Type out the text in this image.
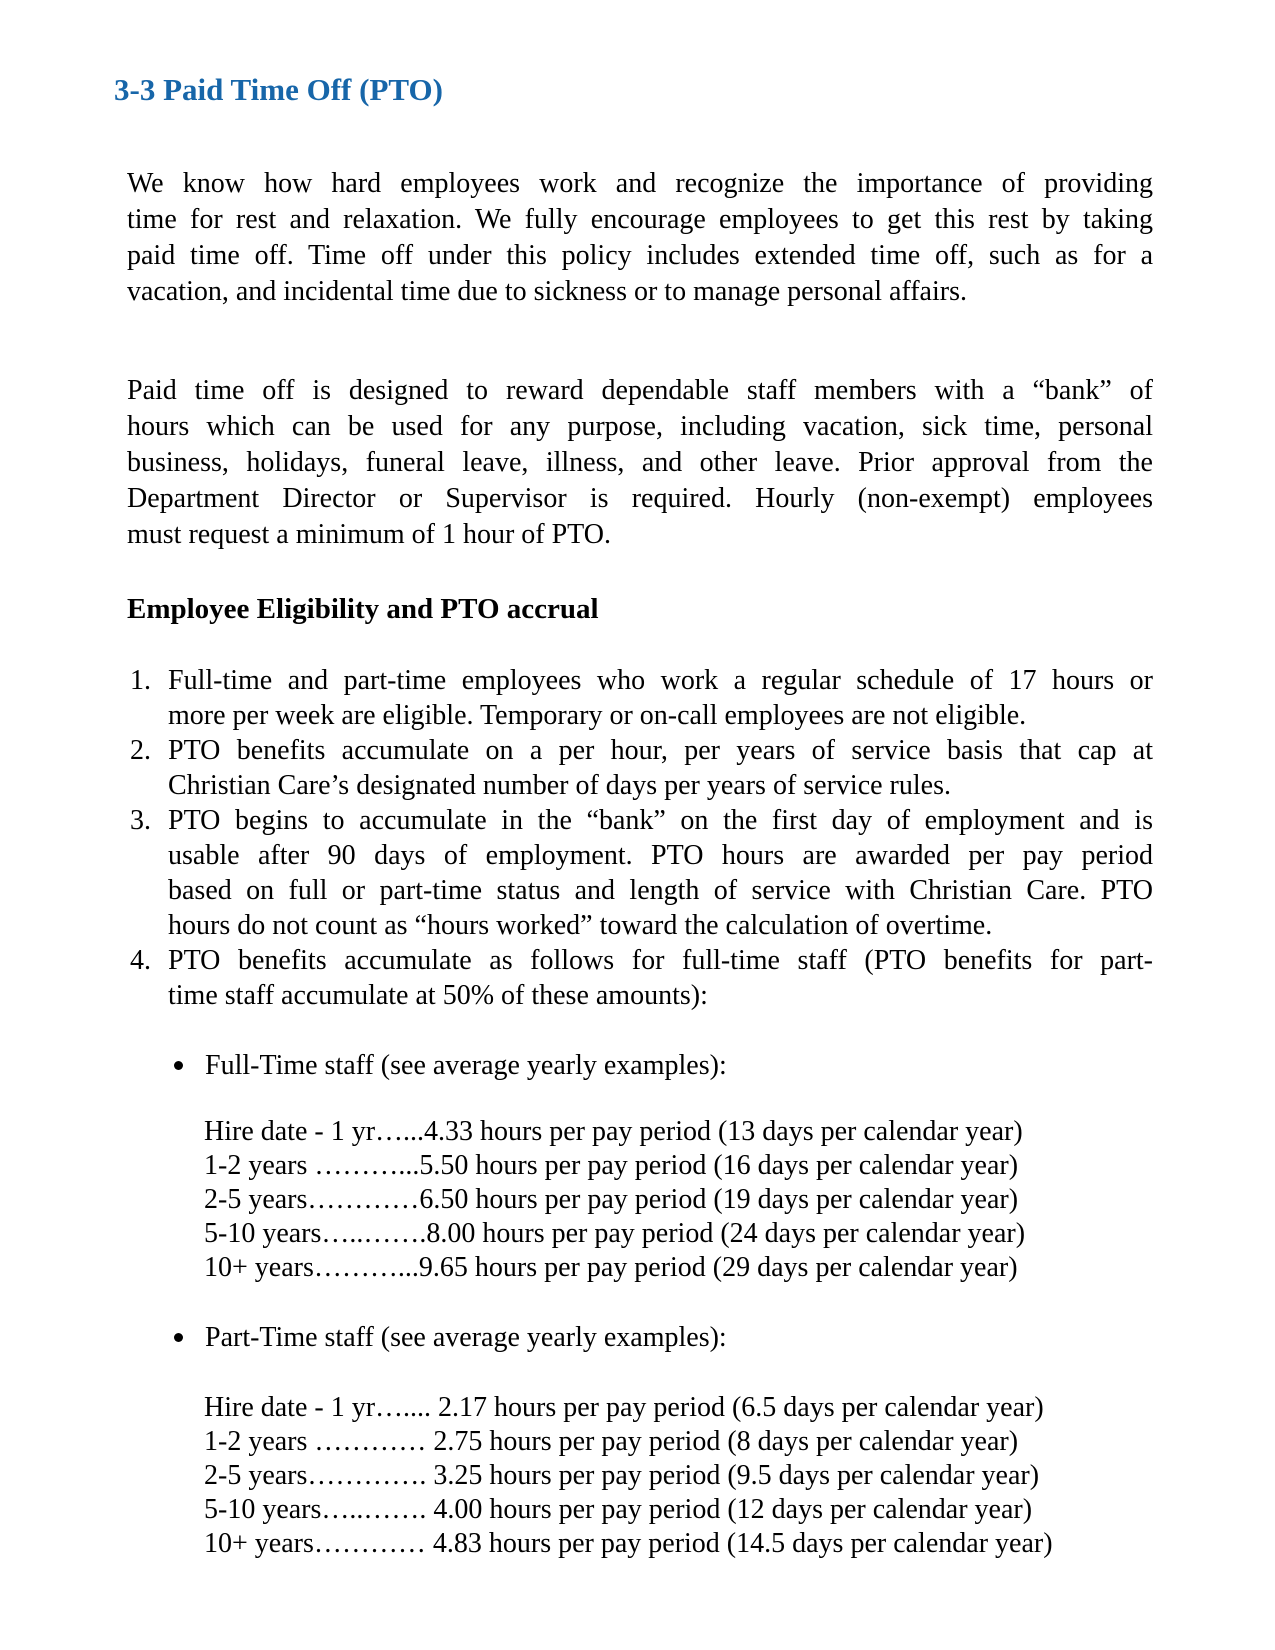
3-3 Paid Time Off (PTO)
We know how hard employees work and recognize the importance of providing
time for rest and relaxation. We fully encourage employees to get this rest by taking
paid time off. Time off under this policy includes extended time off, such as for a
vacation, and incidental time due to sickness or to manage personal affairs.
Paid time off is designed to reward dependable staff members with a “bank” of
hours which can be used for any purpose, including vacation, sick time, personal
business, holidays, funeral leave, illness, and other leave. Prior approval from the
Department Director or Supervisor is required. Hourly (non-exempt) employees
must request a minimum of 1 hour of PTO.
Employee Eligibility and PTO accrual
1. Full-time and part-time employees who work a regular schedule of 17 hours or
more per week are eligible. Temporary or on-call employees are not eligible.
2. PTO benefits accumulate on a per hour, per years of service basis that cap at
Christian Care’s designated number of days per years of service rules.
3. PTO begins to accumulate in the “bank” on the first day of employment and is
usable after 90 days of employment. PTO hours are awarded per pay period
based on full or part-time status and length of service with Christian Care. PTO
hours do not count as “hours worked” toward the calculation of overtime.
4. PTO benefits accumulate as follows for full-time staff (PTO benefits for part-
time staff accumulate at 50% of these amounts):
Full-Time staff (see average yearly examples):
Hire date - 1 yr…...4.33 hours per pay period (13 days per calendar year)
1-2 years ………...5.50 hours per pay period (16 days per calendar year)
2-5 years…………6.50 hours per pay period (19 days per calendar year)
5-10 years…..…….8.00 hours per pay period (24 days per calendar year)
10+ years………...9.65 hours per pay period (29 days per calendar year)
Part-Time staff (see average yearly examples):
Hire date - 1 yr….... 2.17 hours per pay period (6.5 days per calendar year)
1-2 years ………… 2.75 hours per pay period (8 days per calendar year)
2-5 years…………. 3.25 hours per pay period (9.5 days per calendar year)
5-10 years…..……. 4.00 hours per pay period (12 days per calendar year)
10+ years………… 4.83 hours per pay period (14.5 days per calendar year)
